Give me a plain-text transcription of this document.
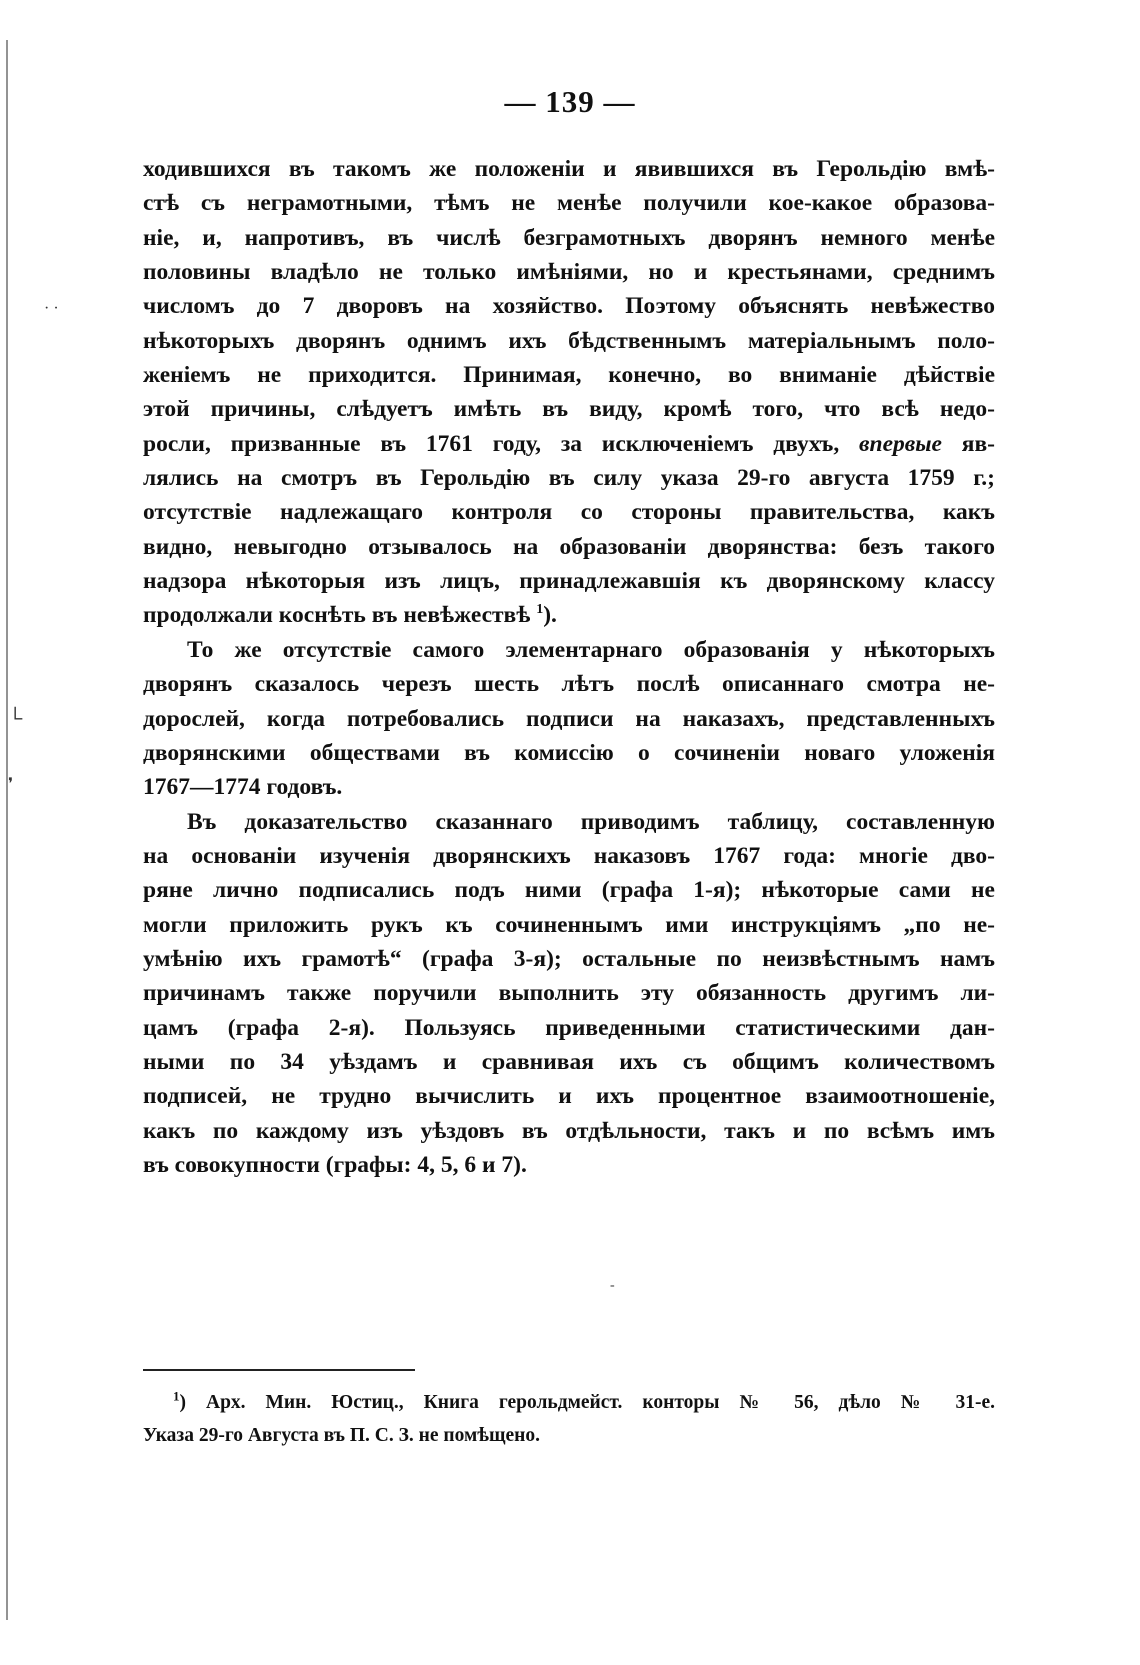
· ·
└
❜
— 139 —
ходившихся въ такомъ же положенiи и явившихся въ Герольдiю вмѣ-
стѣ съ неграмотными, тѣмъ не менѣе получили кое-какое образова-
нiе, и, напротивъ, въ числѣ безграмотныхъ дворянъ немного менѣе
половины владѣло не только имѣнiями, но и крестьянами, среднимъ
числомъ до 7 дворовъ на хозяйство. Поэтому объяснять невѣжество
нѣкоторыхъ дворянъ однимъ ихъ бѣдственнымъ матерiальнымъ поло-
женiемъ не приходится. Принимая, конечно, во вниманiе дѣйствiе
этой причины, слѣдуетъ имѣть въ виду, кромѣ того, что всѣ недо-
росли, призванные въ 1761 году, за исключенiемъ двухъ, впервые яв-
лялись на смотръ въ Герольдiю въ силу указа 29-го августа 1759 г.;
отсутствiе надлежащаго контроля со стороны правительства, какъ
видно, невыгодно отзывалось на образованiи дворянства: безъ такого
надзора нѣкоторыя изъ лицъ, принадлежавшiя къ дворянскому классу
продолжали коснѣть въ невѣжествѣ $^1$).
То же отсутствiе самого элементарнаго образованiя у нѣкоторыхъ
дворянъ сказалось черезъ шесть лѣтъ послѣ описаннаго смотра не-
дорослей, когда потребовались подписи на наказахъ, представленныхъ
дворянскими обществами въ комиссiю о сочиненiи новаго уложенiя
1767—1774 годовъ.
Въ доказательство сказаннаго приводимъ таблицу, составленную
на основанiи изученiя дворянскихъ наказовъ 1767 года: многiе дво-
ряне лично подписались подъ ними (графа 1-я); нѣкоторые сами не
могли приложить рукъ къ сочиненнымъ ими инструкцiямъ „по не-
умѣнiю ихъ грамотѣ“ (графа 3-я); остальные по неизвѣстнымъ намъ
причинамъ также поручили выполнить эту обязанность другимъ ли-
цамъ (графа 2-я). Пользуясь приведенными статистическими дан-
ными по 34 уѣздамъ и сравнивая ихъ съ общимъ количествомъ
подписей, не трудно вычислить и ихъ процентное взаимоотношенiе,
какъ по каждому изъ уѣздовъ въ отдѣльности, такъ и по всѣмъ имъ
въ совокупности (графы: 4, 5, 6 и 7).
-
$^1$) Арх. Мин. Юстиц., Книга герольдмейст. конторы № 56, дѣло № 31-е.
Указа 29-го Августа въ П. С. З. не помѣщено.
